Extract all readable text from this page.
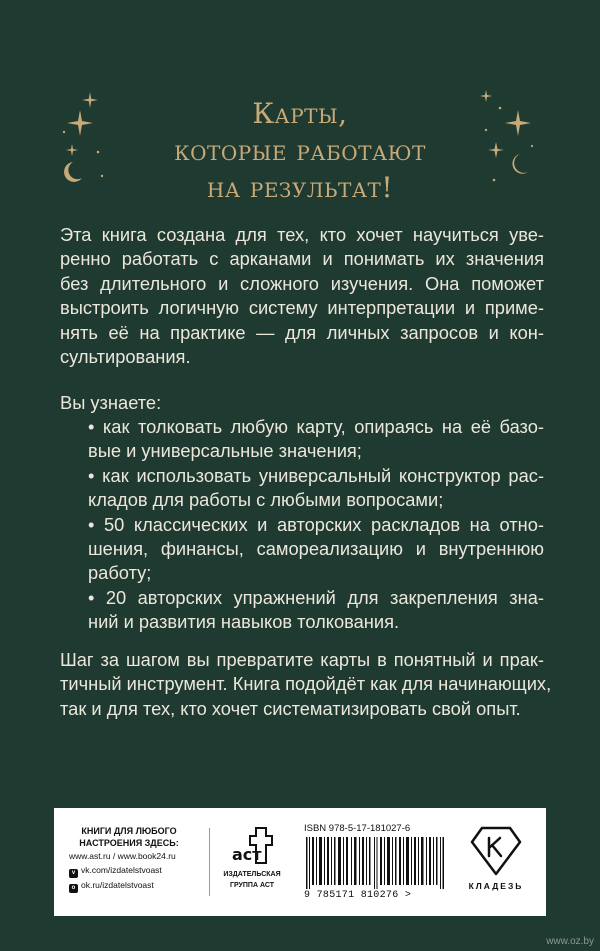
Карты,
которые работают
на результат!
Эта книга создана для тех, кто хочет научиться уве-
ренно работать с арканами и понимать их значения
без длительного и сложного изучения. Она поможет
выстроить логичную систему интерпретации и приме-
нять её на практике — для личных запросов и кон-
сультирования.
Вы узнаете:
• как толковать любую карту, опираясь на её базо-
вые и универсальные значения;
• как использовать универсальный конструктор рас-
кладов для работы с любыми вопросами;
• 50 классических и авторских раскладов на отно-
шения, финансы, самореализацию и внутреннюю
работу;
• 20 авторских упражнений для закрепления зна-
ний и развития навыков толкования.
Шаг за шагом вы превратите карты в понятный и прак-
тичный инструмент. Книга подойдёт как для начинающих,
так и для тех, кто хочет систематизировать свой опыт.
КНИГИ ДЛЯ ЛЮБОГО
НАСТРОЕНИЯ ЗДЕСЬ:
www.ast.ru / www.book24.ru
v vk.com/izdatelstvoast
o ok.ru/izdatelstvoast
аст
ИЗДАТЕЛЬСКАЯ
ГРУППА АСТ
ISBN 978-5-17-181027-6
9 785171 810276 >
КЛАДЕЗЬ
www.oz.by
